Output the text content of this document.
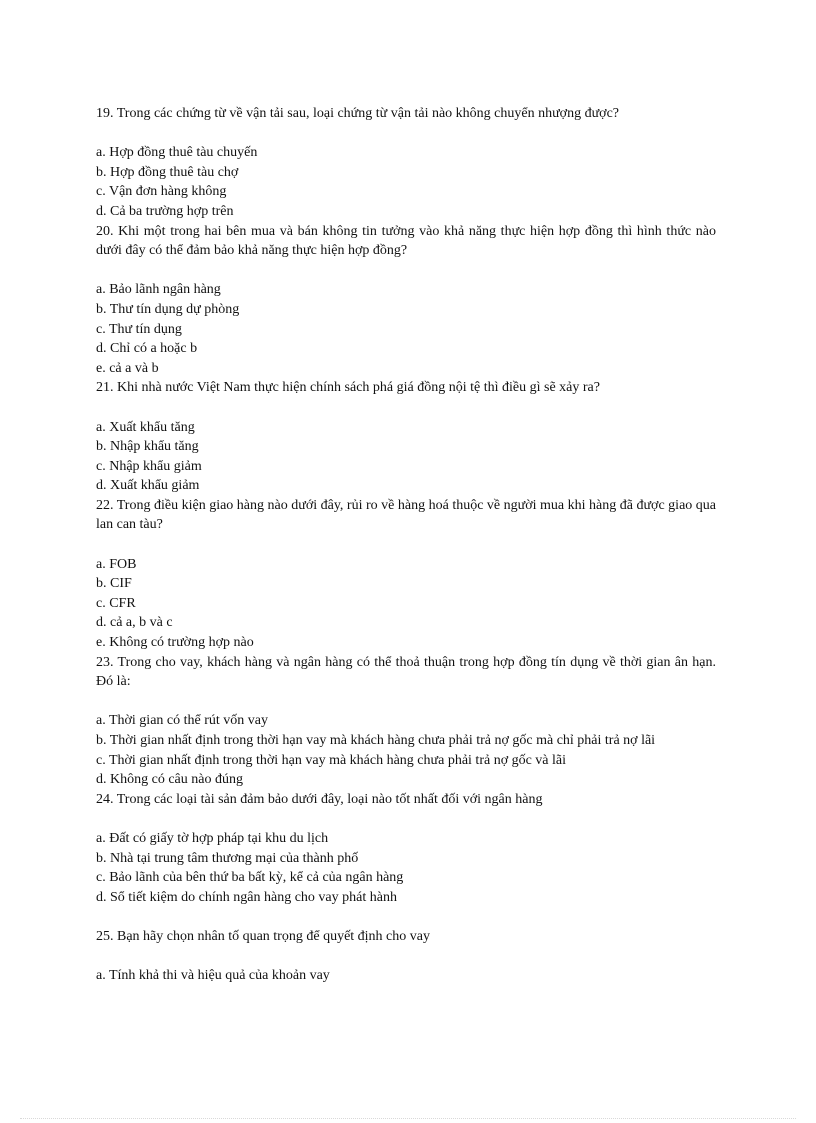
19. Trong các chứng từ về vận tải sau, loại chứng từ vận tải nào không chuyển nhượng được?

a. Hợp đồng thuê tàu chuyến

b. Hợp đồng thuê tàu chợ

c. Vận đơn hàng không

d. Cả ba trường hợp trên

20. Khi một trong hai bên mua và bán không tin tưởng vào khả năng thực hiện hợp đồng thì hình thức nào dưới đây có thể đảm bảo khả năng thực hiện hợp đồng?

a. Bảo lãnh ngân hàng

b. Thư tín dụng dự phòng

c. Thư tín dụng

d. Chỉ có a hoặc b

e. cả a và b

21. Khi nhà nước Việt Nam thực hiện chính sách phá giá đồng nội tệ thì điều gì sẽ xảy ra?

a. Xuất khẩu tăng

b. Nhập khẩu tăng

c. Nhập khẩu giảm

d. Xuất khẩu giảm

22. Trong điều kiện giao hàng nào dưới đây, rủi ro về hàng hoá thuộc về người mua khi hàng đã được giao qua lan can tàu?

a. FOB

b. CIF

c. CFR

d. cả a, b và c

e. Không có trường hợp nào

23. Trong cho vay, khách hàng và ngân hàng có thể thoả thuận trong hợp đồng tín dụng về thời gian ân hạn. Đó là:

a. Thời gian có thể rút vốn vay

b. Thời gian nhất định trong thời hạn vay mà khách hàng chưa phải trả nợ gốc mà chỉ phải trả nợ lãi

c. Thời gian nhất định trong thời hạn vay mà khách hàng chưa phải trả nợ gốc và lãi

d. Không có câu nào đúng

24. Trong các loại tài sản đảm bảo dưới đây, loại nào tốt nhất đối với ngân hàng

a. Đất có giấy tờ hợp pháp tại khu du lịch

b. Nhà tại trung tâm thương mại của thành phố

c. Bảo lãnh của bên thứ ba bất kỳ, kể cả của ngân hàng

d. Sổ tiết kiệm do chính ngân hàng cho vay phát hành

25. Bạn hãy chọn nhân tố quan trọng để quyết định cho vay

a. Tính khả thi và hiệu quả của khoản vay
